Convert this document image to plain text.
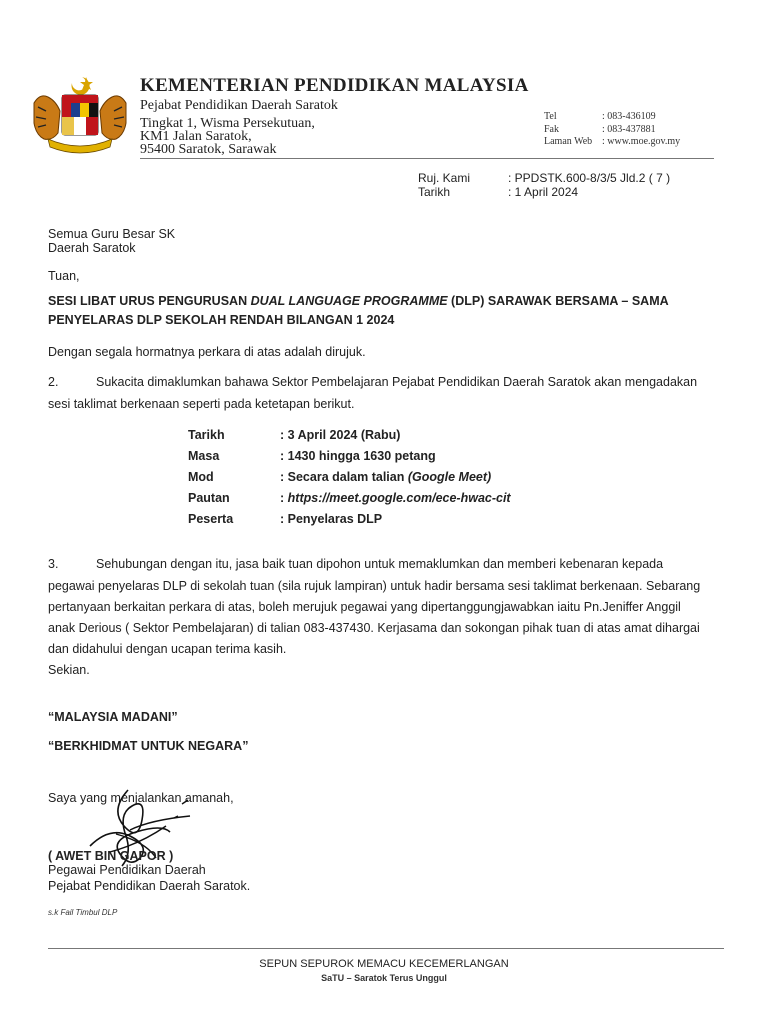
KEMENTERIAN PENDIDIKAN MALAYSIA
Pejabat Pendidikan Daerah Saratok
Tingkat 1, Wisma Persekutuan,
KM1 Jalan Saratok,
95400 Saratok, Sarawak
Tel	: 083-436109
Fak	: 083-437881
Laman Web : www.moe.gov.my
Ruj. Kami	: PPDSTK.600-8/3/5 Jld.2 ( 7 )
Tarikh	: 1 April 2024
Semua Guru Besar SK
Daerah Saratok
Tuan,
SESI LIBAT URUS PENGURUSAN DUAL LANGUAGE PROGRAMME (DLP) SARAWAK BERSAMA – SAMA
PENYELARAS DLP SEKOLAH RENDAH BILANGAN 1 2024
Dengan segala hormatnya perkara di atas adalah dirujuk.
2.	Sukacita dimaklumkan bahawa Sektor Pembelajaran Pejabat Pendidikan Daerah Saratok akan mengadakan
sesi taklimat berkenaan seperti pada ketetapan berikut.
Tarikh	: 3 April 2024 (Rabu)
Masa	: 1430 hingga 1630 petang
Mod	: Secara dalam talian (Google Meet)
Pautan	: https://meet.google.com/ece-hwac-cit
Peserta	: Penyelaras DLP
3.	Sehubungan dengan itu, jasa baik tuan dipohon untuk memaklumkan dan memberi kebenaran kepada
pegawai penyelaras DLP di sekolah tuan (sila rujuk lampiran) untuk hadir bersama sesi taklimat berkenaan. Sebarang
pertanyaan berkaitan perkara di atas, boleh merujuk pegawai yang dipertanggungjawabkan iaitu Pn.Jeniffer Anggil
anak Derious ( Sektor Pembelajaran) di talian 083-437430. Kerjasama dan sokongan pihak tuan di atas amat dihargai
dan didahului dengan ucapan terima kasih.
Sekian.
“MALAYSIA MADANI”
“BERKHIDMAT UNTUK NEGARA”
Saya yang menjalankan amanah,
( AWET BIN GAPOR )
Pegawai Pendidikan Daerah
Pejabat Pendidikan Daerah Saratok.
s.k Fail Timbul DLP
SEPUN SEPUROK MEMACU KECEMERLANGAN
SaTU – Saratok Terus Unggul
